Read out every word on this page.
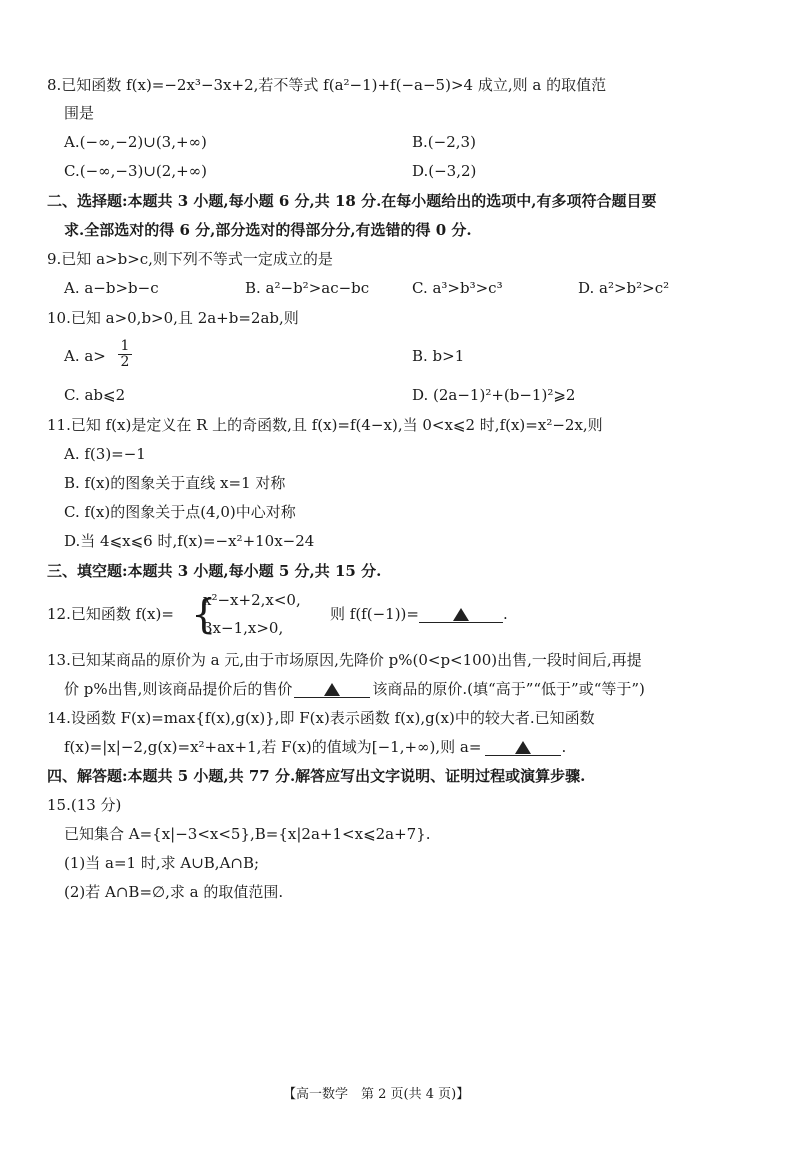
8.已知函数 f(x)=−2x³−3x+2,若不等式 f(a²−1)+f(−a−5)>4 成立,则 a 的取值范
围是
A.(−∞,−2)∪(3,+∞)	B.(−2,3)
C.(−∞,−3)∪(2,+∞)	D.(−3,2)
二、选择题:本题共 3 小题,每小题 6 分,共 18 分.在每小题给出的选项中,有多项符合题目要
求.全部选对的得 6 分,部分选对的得部分分,有选错的得 0 分.
9.已知 a>b>c,则下列不等式一定成立的是
A. a−b>b−c	B. a²−b²>ac−bc	C. a³>b³>c³	D. a²>b²>c²
10.已知 a>0,b>0,且 2a+b=2ab,则
A. $a> \frac{1}{2}$	B. b>1
C. ab⩽2	D. (2a−1)²+(b−1)²⩾2
11.已知 f(x)是定义在 R 上的奇函数,且 f(x)=f(4−x),当 0<x⩽2 时,f(x)=x²−2x,则
A. f(3)=−1
B. f(x)的图象关于直线 x=1 对称
C. f(x)的图象关于点(4,0)中心对称
D.当 4⩽x⩽6 时,f(x)=−x²+10x−24
三、填空题:本题共 3 小题,每小题 5 分,共 15 分.
12.已知函数 f(x)= {
x²−x+2,x<0,
3x−1,x>0,
则 f(f(−1))=	.
13.已知某商品的原价为 a 元,由于市场原因,先降价 p%(0<p<100)出售,一段时间后,再提
价 p%出售,则该商品提价后的售价	该商品的原价.(填“高于”“低于”或“等于”)
14.设函数 F(x)=max{f(x),g(x)},即 F(x)表示函数 f(x),g(x)中的较大者.已知函数
f(x)=|x|−2,g(x)=x²+ax+1,若 F(x)的值域为[−1,+∞),则 a=	.
四、解答题:本题共 5 小题,共 77 分.解答应写出文字说明、证明过程或演算步骤.
15.(13 分)
已知集合 A={x|−3<x<5},B={x|2a+1<x⩽2a+7}.
(1)当 a=1 时,求 A∪B,A∩B;
(2)若 A∩B=∅,求 a 的取值范围.
【高一数学　第 2 页(共 4 页)】
